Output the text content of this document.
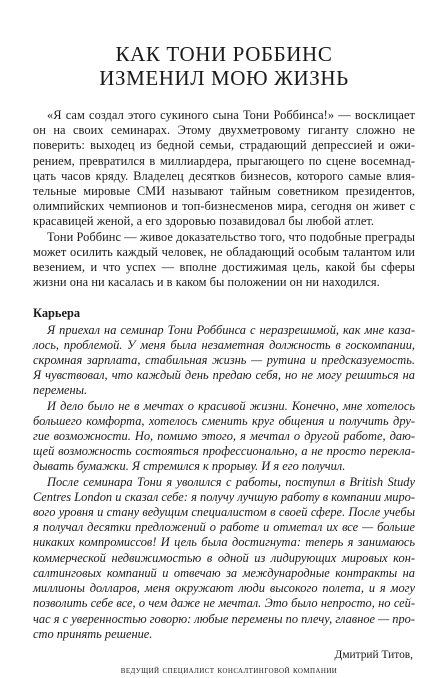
КАК ТОНИ РОББИНС
ИЗМЕНИЛ МОЮ ЖИЗНЬ

«Я сам создал этого сукиного сына Тони Роббинса!» — восклицает он на своих семинарах. Этому двухметровому гиганту сложно не поверить: выходец из бедной семьи, страдающий депрессией и ожирением, превратился в миллиардера, прыгающего по сцене восемнадцать часов кряду. Владелец десятков бизнесов, которого самые влиятельные мировые СМИ называют тайным советником президентов, олимпийских чемпионов и топ-бизнесменов мира, сегодня он живет с красавицей женой, а его здоровью позавидовал бы любой атлет.

Тони Роббинс — живое доказательство того, что подобные преграды может осилить каждый человек, не обладающий особым талантом или везением, и что успех — вполне достижимая цель, какой бы сферы жизни она ни касалась и в каком бы положении он ни находился.

Карьера

Я приехал на семинар Тони Роббинса с неразрешимой, как мне казалось, проблемой. У меня была незаметная должность в госкомпании, скромная зарплата, стабильная жизнь — рутина и предсказуемость. Я чувствовал, что каждый день предаю себя, но не могу решиться на перемены.

И дело было не в мечтах о красивой жизни. Конечно, мне хотелось большего комфорта, хотелось сменить круг общения и получить другие возможности. Но, помимо этого, я мечтал о другой работе, дающей возможность состояться профессионально, а не просто перекладывать бумажки. Я стремился к прорыву. И я его получил.

После семинара Тони я уволился с работы, поступил в British Study Centres London и сказал себе: я получу лучшую работу в компании мирового уровня и стану ведущим специалистом в своей сфере. После учебы я получал десятки предложений о работе и отметал их все — больше никаких компромиссов! И цель была достигнута: теперь я занимаюсь коммерческой недвижимостью в одной из лидирующих мировых консалтинговых компаний и отвечаю за международные контракты на миллионы долларов, меня окружают люди высокого полета, и я могу позволить себе все, о чем даже не мечтал. Это было непросто, но сейчас я с уверенностью говорю: любые перемены по плечу, главное — просто принять решение.

Дмитрий Титов,
ведущий специалист консалтинговой компании
